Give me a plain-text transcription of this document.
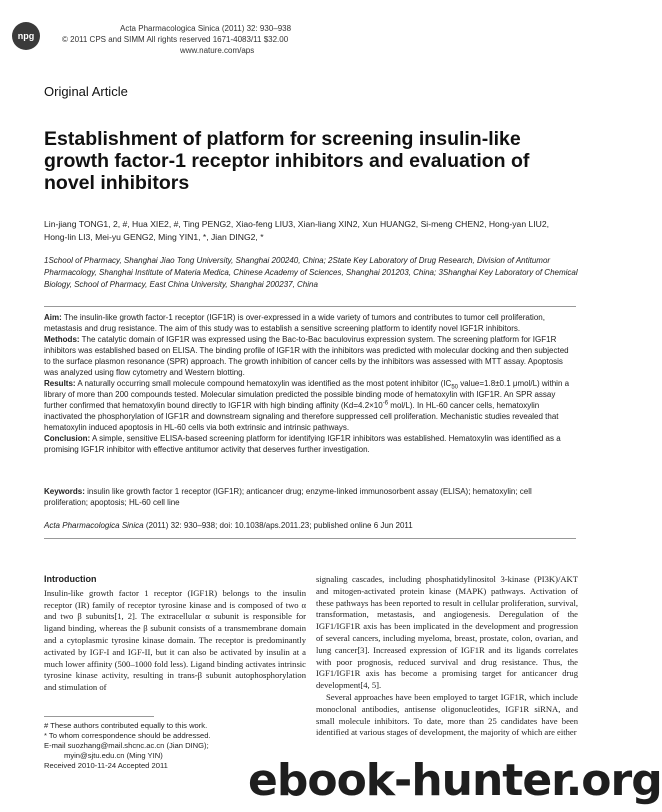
npg
Acta Pharmacologica Sinica (2011) 32: 930–938
© 2011 CPS and SIMM All rights reserved 1671-4083/11 $32.00
www.nature.com/aps
Original Article
Establishment of platform for screening insulin-like growth factor-1 receptor inhibitors and evaluation of novel inhibitors
Lin-jiang TONG1, 2, #, Hua XIE2, #, Ting PENG2, Xiao-feng LIU3, Xian-liang XIN2, Xun HUANG2, Si-meng CHEN2, Hong-yan LIU2,
Hong-lin LI3, Mei-yu GENG2, Ming YIN1, *, Jian DING2, *
1School of Pharmacy, Shanghai Jiao Tong University, Shanghai 200240, China; 2State Key Laboratory of Drug Research, Division of Antitumor Pharmacology, Shanghai Institute of Materia Medica, Chinese Academy of Sciences, Shanghai 201203, China; 3Shanghai Key Laboratory of Chemical Biology, School of Pharmacy, East China University, Shanghai 200237, China

Aim: The insulin-like growth factor-1 receptor (IGF1R) is over-expressed in a wide variety of tumors and contributes to tumor cell proliferation, metastasis and drug resistance. The aim of this study was to establish a sensitive screening platform to identify novel IGF1R inhibitors.

Methods: The catalytic domain of IGF1R was expressed using the Bac-to-Bac baculovirus expression system. The screening platform for IGF1R inhibitors was established based on ELISA. The binding profile of IGF1R with the inhibitors was predicted with molecular docking and then subjected to the surface plasmon resonance (SPR) approach. The growth inhibition of cancer cells by the inhibitors was assessed with MTT assay. Apoptosis was analyzed using flow cytometry and Western blotting.

Results: A naturally occurring small molecule compound hematoxylin was identified as the most potent inhibitor ($IC_{50}$ value=1.8±0.1 μmol/L) within a library of more than 200 compounds tested. Molecular simulation predicted the possible binding mode of hematoxylin with IGF1R. An SPR assay further confirmed that hematoxylin bound directly to IGF1R with high binding affinity ($Kd=4.2\times 10^{-6}$ mol/L). In HL-60 cancer cells, hematoxylin inactivated the phosphorylation of IGF1R and downstream signaling and therefore suppressed cell proliferation. Mechanistic studies revealed that hematoxylin induced apoptosis in HL-60 cells via both extrinsic and intrinsic pathways.

Conclusion: A simple, sensitive ELISA-based screening platform for identifying IGF1R inhibitors was established. Hematoxylin was identified as a promising IGF1R inhibitor with effective antitumor activity that deserves further investigation.

Keywords: insulin like growth factor 1 receptor (IGF1R); anticancer drug; enzyme-linked immunosorbent assay (ELISA); hematoxylin; cell proliferation; apoptosis; HL-60 cell line
Acta Pharmacologica Sinica (2011) 32: 930–938; doi: 10.1038/aps.2011.23; published online 6 Jun 2011
Introduction

Insulin-like growth factor 1 receptor (IGF1R) belongs to the insulin receptor (IR) family of receptor tyrosine kinase and is composed of two α and two β subunits[1, 2]. The extracellular α subunit is responsible for ligand binding, whereas the β subunit consists of a transmembrane domain and a cytoplasmic tyrosine kinase domain. The receptor is predominantly activated by IGF-I and IGF-II, but it can also be activated by insulin at a much lower affinity (500–1000 fold less). Ligand binding activates intrinsic tyrosine kinase activity, resulting in trans-β subunit autophosphorylation and stimulation of

signaling cascades, including phosphatidylinositol 3-kinase (PI3K)/AKT and mitogen-activated protein kinase (MAPK) pathways. Activation of these pathways has been reported to result in cellular proliferation, survival, transformation, metastasis, and angiogenesis. Deregulation of the IGF1/IGF1R axis has been implicated in the development and progression of several cancers, including myeloma, breast, prostate, colon, ovarian, and lung cancer[3]. Increased expression of IGF1R and its ligands correlates with poor prognosis, reduced survival and drug resistance. Thus, the IGF1/IGF1R axis has become a promising target for anticancer drug development[4, 5].

Several approaches have been employed to target IGF1R, which include monoclonal antibodies, antisense oligonucleotides, IGF1R siRNA, and small molecule inhibitors. To date, more than 25 candidates have been identified at various stages of development, the majority of which are either

# These authors contributed equally to this work.
* To whom correspondence should be addressed.
E-mail suozhang@mail.shcnc.ac.cn (Jian DING);
myin@sjtu.edu.cn (Ming YIN)
Received 2010-11-24 Accepted 2011	ebook-hunter.org
